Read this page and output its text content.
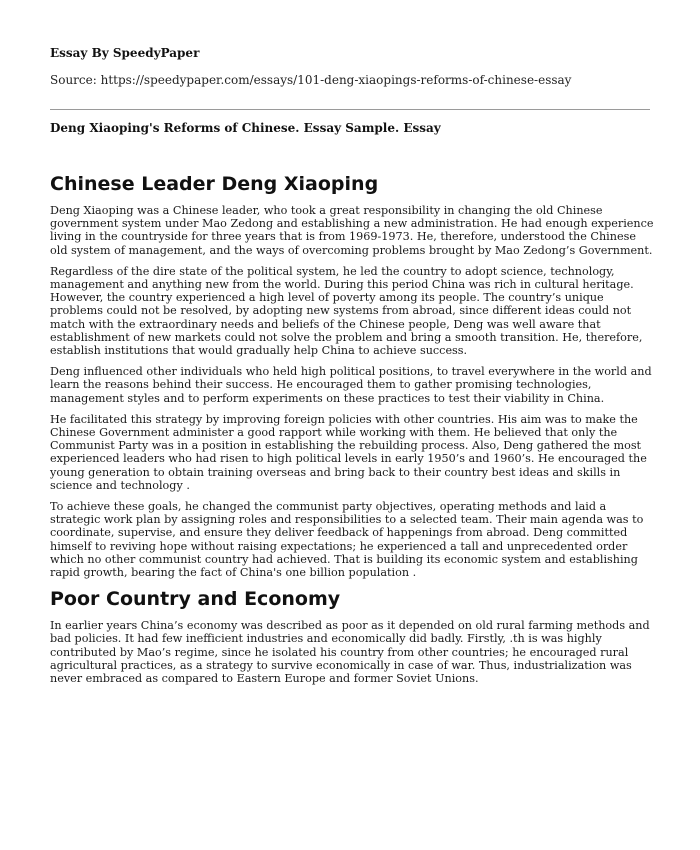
Essay By SpeedyPaper
Source: https://speedypaper.com/essays/101-deng-xiaopings-reforms-of-chinese-essay
Deng Xiaoping's Reforms of Chinese. Essay Sample. Essay
Chinese Leader Deng Xiaoping

Deng Xiaoping was a Chinese leader, who took a great responsibility in changing the old Chinese government system under Mao Zedong and establishing a new administration. He had enough experience living in the countryside for three years that is from 1969-1973. He, therefore, understood the Chinese old system of management, and the ways of overcoming problems brought by Mao Zedong’s Government.

Regardless of the dire state of the political system, he led the country to adopt science, technology, management and anything new from the world. During this period China was rich in cultural heritage. However, the country experienced a high level of poverty among its people. The country’s unique problems could not be resolved, by adopting new systems from abroad, since different ideas could not match with the extraordinary needs and beliefs of the Chinese people, Deng was well aware that establishment of new markets could not solve the problem and bring a smooth transition. He, therefore, establish institutions that would gradually help China to achieve success.

Deng influenced other individuals who held high political positions, to travel everywhere in the world and learn the reasons behind their success. He encouraged them to gather promising technologies, management styles and to perform experiments on these practices to test their viability in China.

He facilitated this strategy by improving foreign policies with other countries. His aim was to make the Chinese Government administer a good rapport while working with them. He believed that only the Communist Party was in a position in establishing the rebuilding process. Also, Deng gathered the most experienced leaders who had risen to high political levels in early 1950’s and 1960’s. He encouraged the young generation to obtain training overseas and bring back to their country best ideas and skills in science and technology .

To achieve these goals, he changed the communist party objectives, operating methods and laid a strategic work plan by assigning roles and responsibilities to a selected team. Their main agenda was to coordinate, supervise, and ensure they deliver feedback of happenings from abroad. Deng committed himself to reviving hope without raising expectations; he experienced a tall and unprecedented order which no other communist country had achieved. That is building its economic system and establishing rapid growth, bearing the fact of China's one billion population .

Poor Country and Economy

In earlier years China’s economy was described as poor as it depended on old rural farming methods and bad policies. It had few inefficient industries and economically did badly. Firstly, .th is was highly contributed by Mao’s regime, since he isolated his country from other countries; he encouraged rural agricultural practices, as a strategy to survive economically in case of war. Thus, industrialization was never embraced as compared to Eastern Europe and former Soviet Unions.
